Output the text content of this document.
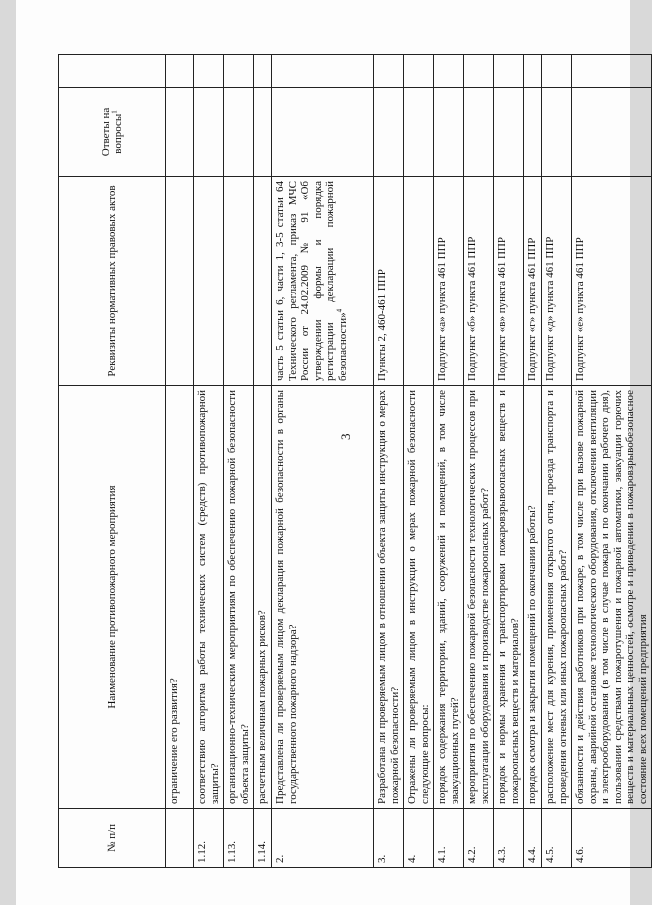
3
№ п/п	Наименование противопожарного мероприятия	Реквизиты нормативных правовых актов	Ответы на вопросы$^1$	
	ограничение его развития?			
1.12.	соответствию алгоритма работы технических систем (средств) противопожарной защиты?			
1.13.	организационно-техническим мероприятиям по обеспечению пожарной безопасности объекта защиты?			
1.14.	расчетным величинам пожарных рисков?			
2.	Представлена ли проверяемым лицом декларация пожарной безопасности в органы государственного пожарного надзора?	часть 5 статьи 6, части 1, 3-5 статьи 64 Технического регламента, приказ МЧС России от 24.02.2009 № 91 «Об утверждении формы и порядка регистрации декларации пожарной безопасности»$^4$		
3.	Разработана ли проверяемым лицом в отношении объекта защиты инструкция о мерах пожарной безопасности?	Пункты 2, 460-461 ППР		
4.	Отражены ли проверяемым лицом в инструкции о мерах пожарной безопасности следующие вопросы:			
4.1.	порядок содержания территории, зданий, сооружений и помещений, в том числе эвакуационных путей?	Подпункт «а» пункта 461 ППР		
4.2.	мероприятия по обеспечению пожарной безопасности технологических процессов при эксплуатации оборудования и производстве пожароопасных работ?	Подпункт «б» пункта 461 ППР		
4.3.	порядок и нормы хранения и транспортировки пожаровзрывоопасных веществ и пожароопасных веществ и материалов?	Подпункт «в» пункта 461 ППР		
4.4.	порядок осмотра и закрытия помещений по окончании работы?	Подпункт «г» пункта 461 ППР		
4.5.	расположение мест для курения, применения открытого огня, проезда транспорта и проведения огневых или иных пожароопасных работ?	Подпункт «д» пункта 461 ППР		
4.6.	обязанности и действия работников при пожаре, в том числе при вызове пожарной охраны, аварийной остановке технологического оборудования, отключении вентиляции и электрооборудования (в том числе в случае пожара и по окончании рабочего дня), пользовании средствами пожаротушения и пожарной автоматики, эвакуации горючих веществ и материальных ценностей, осмотре и приведении в пожаровзрывобезопасное состояние всех помещений предприятия	Подпункт «е» пункта 461 ППР		
